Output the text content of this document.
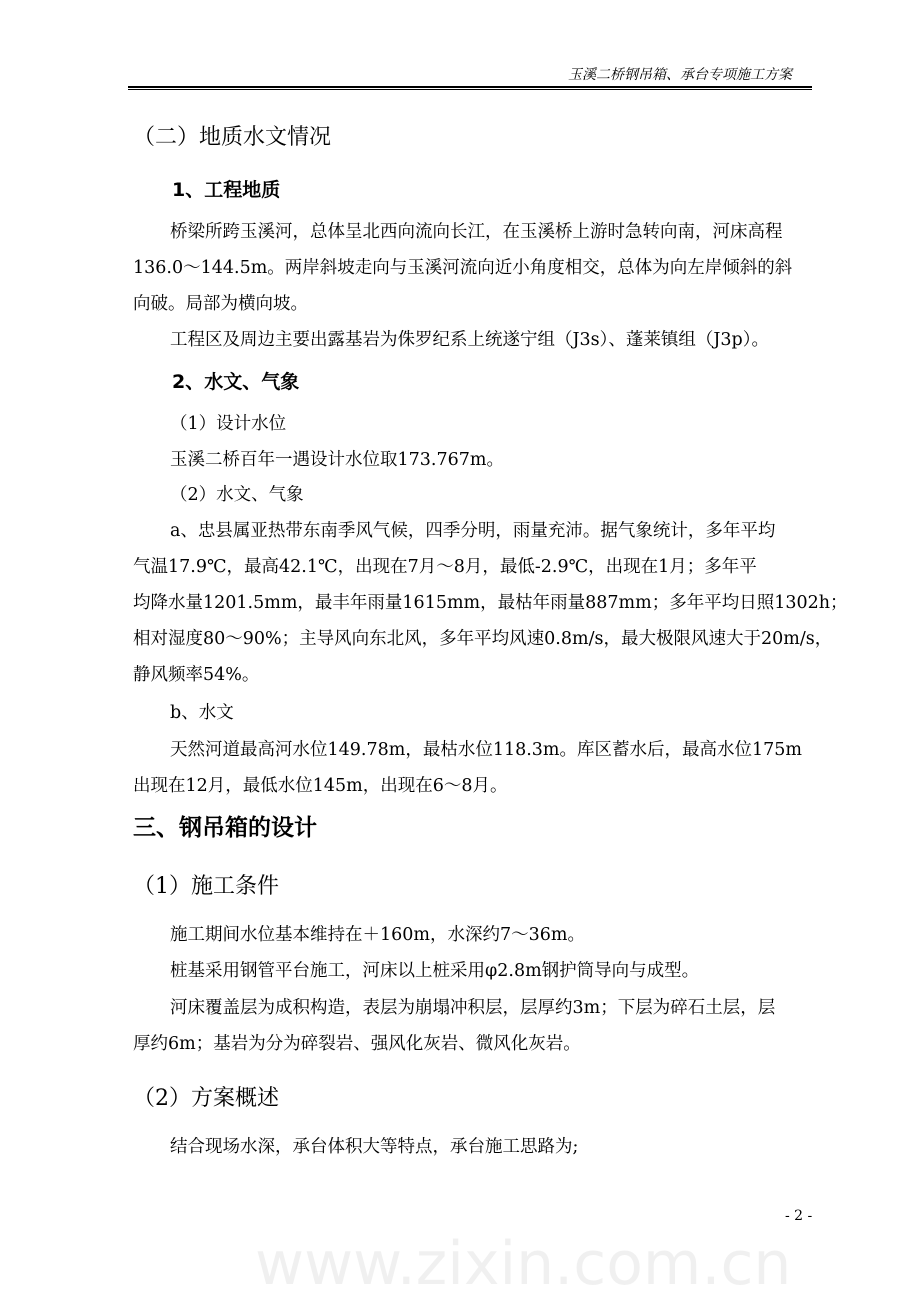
玉溪二桥钢吊箱、承台专项施工方案
（二）地质水文情况
1、工程地质
桥梁所跨玉溪河，总体呈北西向流向长江，在玉溪桥上游时急转向南，河床高程
136.0～144.5m。两岸斜坡走向与玉溪河流向近小角度相交，总体为向左岸倾斜的斜
向破。局部为横向坡。
工程区及周边主要出露基岩为侏罗纪系上统遂宁组（J3s）、蓬莱镇组（J3p）。
2、水文、气象
（1）设计水位
玉溪二桥百年一遇设计水位取173.767m。
（2）水文、气象
a、忠县属亚热带东南季风气候，四季分明，雨量充沛。据气象统计，多年平均
气温17.9℃，最高42.1℃，出现在7月～8月，最低-2.9℃，出现在1月；多年平
均降水量1201.5mm，最丰年雨量1615mm，最枯年雨量887mm；多年平均日照1302h；
相对湿度80～90%；主导风向东北风，多年平均风速0.8m/s，最大极限风速大于20m/s，
静风频率54%。
b、水文
天然河道最高河水位149.78m，最枯水位118.3m。库区蓄水后，最高水位175m
出现在12月，最低水位145m，出现在6～8月。
三、钢吊箱的设计
（1）施工条件
施工期间水位基本维持在＋160m，水深约7～36m。
桩基采用钢管平台施工，河床以上桩采用φ2.8m钢护筒导向与成型。
河床覆盖层为成积构造，表层为崩塌冲积层，层厚约3m；下层为碎石土层，层
厚约6m；基岩为分为碎裂岩、强风化灰岩、微风化灰岩。
（2）方案概述
结合现场水深，承台体积大等特点，承台施工思路为;
- 2 -
www.zixin.com.cn
